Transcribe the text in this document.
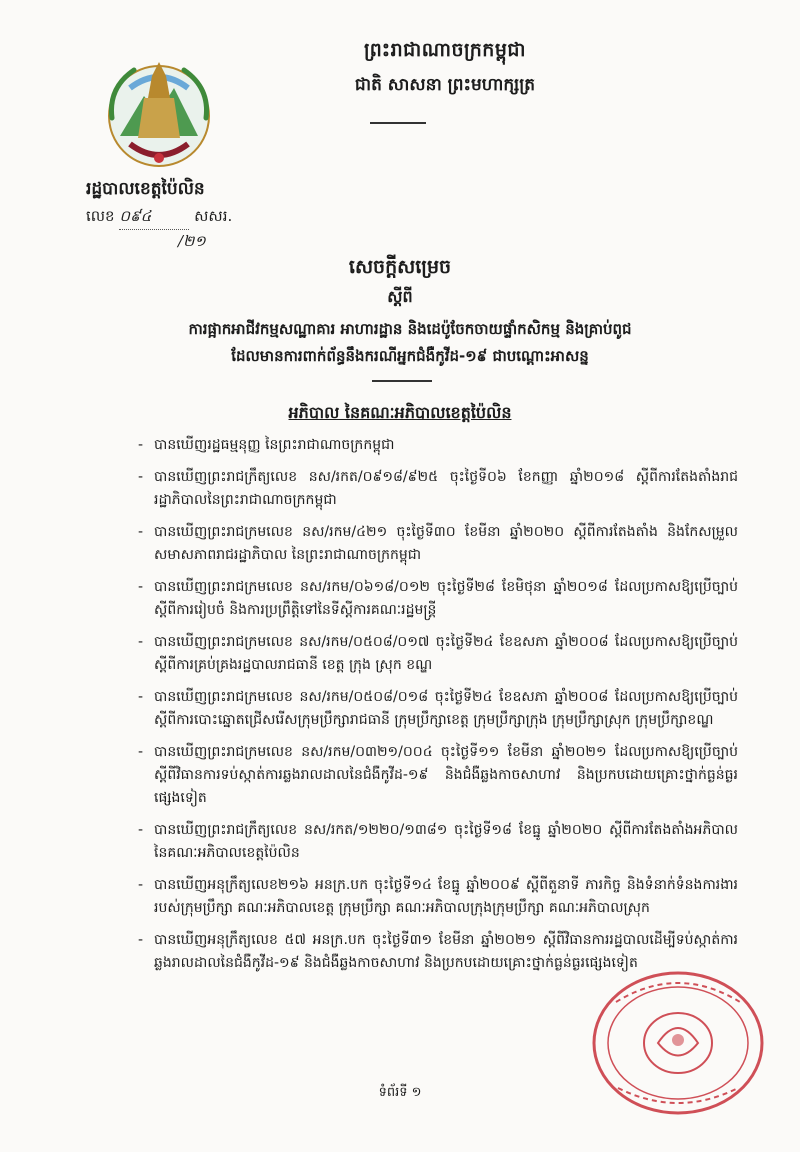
ព្រះរាជាណាចក្រកម្ពុជា
ជាតិ សាសនា ព្រះមហាក្សត្រ
រដ្ឋបាលខេត្តប៉ៃលិន
លេខ ០៩៤	សសរ.
/២១
សេចក្តីសម្រេច
ស្តីពី
ការផ្អាកអាជីវកម្មសណ្ឋាគារ អាហារដ្ឋាន និងដេប៉ូចែកចាយផ្ទាំកសិកម្ម និងគ្រាប់ពូជ
ដែលមានការពាក់ព័ន្ធនឹងករណីអ្នកជំងឺកូវីដ-១៩ ជាបណ្តោះអាសន្ន
អភិបាល នៃគណៈអភិបាលខេត្តប៉ៃលិន
- បានឃើញរដ្ឋធម្មនុញ្ញ នៃព្រះរាជាណាចក្រកម្ពុជា
- បានឃើញព្រះរាជក្រឹត្យលេខ នស/រកត/០៩១៨/៩២៥ ចុះថ្ងៃទី០៦ ខែកញ្ញា ឆ្នាំ២០១៨ ស្តីពីការតែងតាំងរាជរដ្ឋាភិបាលនៃព្រះរាជាណាចក្រកម្ពុជា
- បានឃើញព្រះរាជក្រមលេខ នស/រកម/៤២១ ចុះថ្ងៃទី៣០ ខែមីនា ឆ្នាំ២០២០ ស្តីពីការតែងតាំង និងកែសម្រួលសមាសភាពរាជរដ្ឋាភិបាល នៃព្រះរាជាណាចក្រកម្ពុជា
- បានឃើញព្រះរាជក្រមលេខ នស/រកម/០៦១៨/០១២ ចុះថ្ងៃទី២៨ ខែមិថុនា ឆ្នាំ២០១៨ ដែលប្រកាសឱ្យប្រើច្បាប់ស្តីពីការរៀបចំ និងការប្រព្រឹត្តិទៅនៃទីស្តីការគណៈរដ្ឋមន្ត្រី
- បានឃើញព្រះរាជក្រមលេខ នស/រកម/០៥០៨/០១៧ ចុះថ្ងៃទី២៤ ខែឧសភា ឆ្នាំ២០០៨ ដែលប្រកាសឱ្យប្រើច្បាប់ស្តីពីការគ្រប់គ្រងរដ្ឋបាលរាជធានី ខេត្ត ក្រុង ស្រុក ខណ្ឌ
- បានឃើញព្រះរាជក្រមលេខ នស/រកម/០៥០៨/០១៨ ចុះថ្ងៃទី២៤ ខែឧសភា ឆ្នាំ២០០៨ ដែលប្រកាសឱ្យប្រើច្បាប់ស្តីពីការបោះឆ្នោតជ្រើសរើសក្រុមប្រឹក្សារាជធានី ក្រុមប្រឹក្សាខេត្ត ក្រុមប្រឹក្សាក្រុង ក្រុមប្រឹក្សាស្រុក ក្រុមប្រឹក្សាខណ្ឌ
- បានឃើញព្រះរាជក្រមលេខ នស/រកម/០៣២១/០០៤ ចុះថ្ងៃទី១១ ខែមីនា ឆ្នាំ២០២១ ដែលប្រកាសឱ្យប្រើច្បាប់ស្តីពីវិធានការទប់ស្កាត់ការឆ្លងរាលដាលនៃជំងឺកូវីដ-១៩ និងជំងឺឆ្លងកាចសាហាវ និងប្រកបដោយគ្រោះថ្នាក់ធ្ងន់ធ្ងរផ្សេងទៀត
- បានឃើញព្រះរាជក្រឹត្យលេខ នស/រកត/១២២០/១៣៨១ ចុះថ្ងៃទី១៨ ខែធ្នូ ឆ្នាំ២០២០ ស្តីពីការតែងតាំងអភិបាលនៃគណៈអភិបាលខេត្តប៉ៃលិន
- បានឃើញអនុក្រឹត្យលេខ២១៦ អនក្រ.បក ចុះថ្ងៃទី១៤ ខែធ្នូ ឆ្នាំ២០០៩ ស្តីពីតួនាទី ភារកិច្ច និងទំនាក់ទំនងការងាររបស់ក្រុមប្រឹក្សា គណៈអភិបាលខេត្ត ក្រុមប្រឹក្សា គណៈអភិបាលក្រុងក្រុមប្រឹក្សា គណៈអភិបាលស្រុក
- បានឃើញអនុក្រឹត្យលេខ ៥៧ អនក្រ.បក ចុះថ្ងៃទី៣១ ខែមីនា ឆ្នាំ២០២១ ស្តីពីវិធានការរដ្ឋបាលដើម្បីទប់ស្កាត់ការឆ្លងរាលដាលនៃជំងឺកូវីដ-១៩ និងជំងឺឆ្លងកាចសាហាវ និងប្រកបដោយគ្រោះថ្នាក់ធ្ងន់ធ្ងរផ្សេងទៀត
ទំព័រទី ១
